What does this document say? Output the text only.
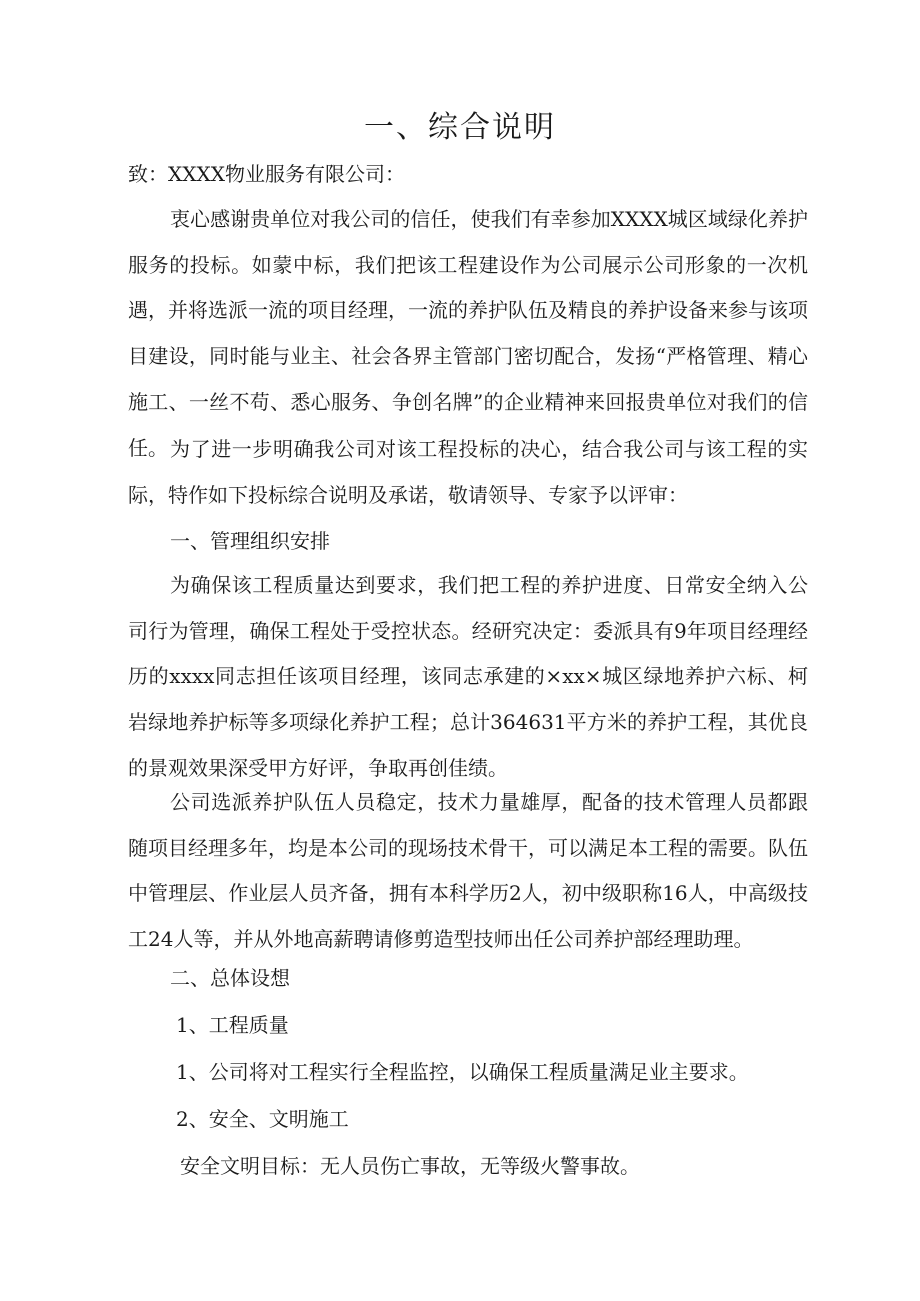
一、综合说明
致：XXXX物业服务有限公司：
衷心感谢贵单位对我公司的信任，使我们有幸参加XXXX城区域绿化养护服务的投标。如蒙中标，我们把该工程建设作为公司展示公司形象的一次机遇，并将选派一流的项目经理，一流的养护队伍及精良的养护设备来参与该项目建设，同时能与业主、社会各界主管部门密切配合，发扬“严格管理、精心施工、一丝不苟、悉心服务、争创名牌”的企业精神来回报贵单位对我们的信任。 为了进一步明确我公司对该工程投标的决心，结合我公司与该工程的实际，特作如下投标综合说明及承诺，敬请领导、专家予以评审：
一、管理组织安排
为确保该工程质量达到要求，我们把工程的养护进度、日常安全纳入公司行为管理，确保工程处于受控状态。经研究决定：委派具有9年项目经理经历的xxxx同志担任该项目经理，该同志承建的×xx×城区绿地养护六标、柯岩绿地养护标等多项绿化养护工程；总计364631平方米的养护工程，其优良的景观效果深受甲方好评，争取再创佳绩。
公司选派养护队伍人员稳定，技术力量雄厚，配备的技术管理人员都跟随项目经理多年，均是本公司的现场技术骨干，可以满足本工程的需要。队伍中管理层、作业层人员齐备，拥有本科学历2人，初中级职称16人，中高级技工24人等，并从外地高薪聘请修剪造型技师出任公司养护部经理助理。
二、总体设想
1、工程质量
1、公司将对工程实行全程监控，以确保工程质量满足业主要求。
2、安全、文明施工
安全文明目标：无人员伤亡事故，无等级火警事故。
